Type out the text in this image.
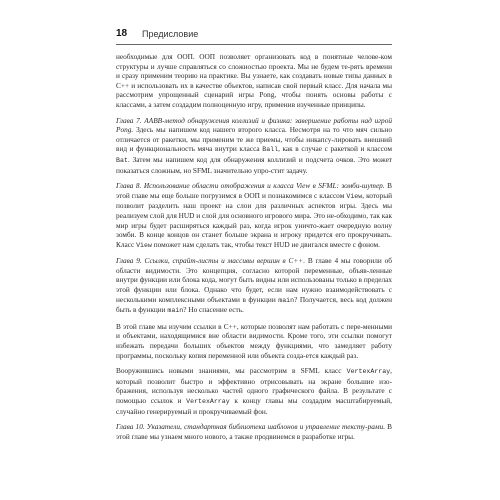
18 Предисловие

необходимые для ООП. ООП позволяет организовать код в понятные челове-ком структуры и лучше справляться со сложностью проекта. Мы не будем те-рять времени и сразу применим теорию на практике. Вы узнаете, как создавать новые типы данных в C++ и использовать их в качестве объектов, написав свой первый класс. Для начала мы рассмотрим упрощенный сценарий игры Pong, чтобы понять основы работы с классами, а затем создадим полноценную игру, применив изученные принципы.

Глава 7. AABB-метод обнаружения коллизий и физика: завершение работы над игрой Pong. Здесь мы напишем код нашего второго класса. Несмотря на то что мяч сильно отличается от ракетки, мы применим те же приемы, чтобы инкапсу-лировать внешний вид и функциональность мяча внутри класса Ball, как в случае с ракеткой и классом Bat. Затем мы напишем код для обнаружения коллизий и подсчета очков. Это может показаться сложным, но SFML значительно упро-стит задачу.

Глава 8. Использование области отображения и класса View в SFML: зомби-шутер. В этой главе мы еще больше погрузимся в ООП и познакомимся с классом View, который позволит разделить наш проект на слои для различных аспектов игры. Здесь мы реализуем слой для HUD и слой для основного игрового мира. Это не-обходимо, так как мир игры будет расширяться каждый раз, когда игрок уничто-жает очередную волну зомби. В конце концов он станет больше экрана и игроку придется его прокручивать. Класс View поможет нам сделать так, чтобы текст HUD не двигался вместе с фоном.

Глава 9. Ссылки, спрайт-листы и массивы вершин в C++. В главе 4 мы говорили об области видимости. Это концепция, согласно которой переменные, объяв-ленные внутри функции или блока кода, могут быть видны или использованы только в пределах этой функции или блока. Однако что будет, если нам нужно взаимодействовать с несколькими комплексными объектами в функции main? Получается, весь код должен быть в функции main? Но спасение есть.

В этой главе мы изучим ссылки в C++, которые позволят нам работать с пере-менными и объектами, находящимися вне области видимости. Кроме того, эти ссылки помогут избежать передачи больших объектов между функциями, что замедляет работу программы, поскольку копия переменной или объекта созда-ется каждый раз.

Вооружившись новыми знаниями, мы рассмотрим в SFML класс VertexArray, который позволит быстро и эффективно отрисовывать на экране большие изо-бражения, используя несколько частей одного графического файла. В результате с помощью ссылок и VertexArray к концу главы мы создадим масштабируемый, случайно генерируемый и прокручиваемый фон.

Глава 10. Указатели, стандартная библиотека шаблонов и управление тексту-рами. В этой главе мы узнаем много нового, а также продвинемся в разработке игры.
